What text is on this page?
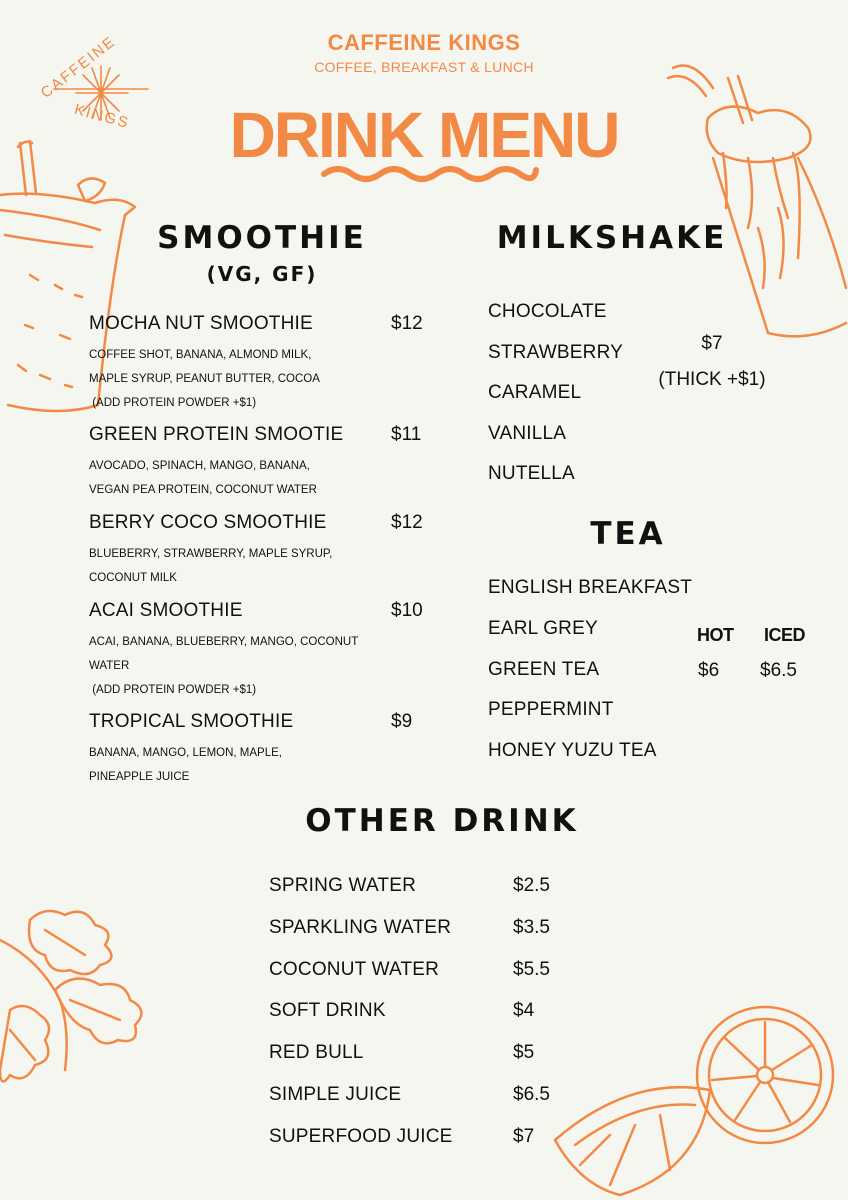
CAFFEINE
KINGS
CAFFEINE KINGS
COFFEE, BREAKFAST & LUNCH
DRINK MENU
SMOOTHIE
(VG, GF)
MOCHA NUT SMOOTHIE	$12
COFFEE SHOT, BANANA, ALMOND MILK,
MAPLE SYRUP, PEANUT BUTTER, COCOA
(ADD PROTEIN POWDER +$1)
GREEN PROTEIN SMOOTIE	$11
AVOCADO, SPINACH, MANGO, BANANA,
VEGAN PEA PROTEIN, COCONUT WATER
BERRY COCO SMOOTHIE	$12
BLUEBERRY, STRAWBERRY, MAPLE SYRUP,
COCONUT MILK
ACAI SMOOTHIE	$10
ACAI, BANANA, BLUEBERRY, MANGO, COCONUT
WATER
(ADD PROTEIN POWDER +$1)
TROPICAL SMOOTHIE	$9
BANANA, MANGO, LEMON, MAPLE,
PINEAPPLE JUICE
MILKSHAKE
CHOCOLATE
STRAWBERRY
CARAMEL
VANILLA
NUTELLA
$7
(THICK +$1)
TEA
ENGLISH BREAKFAST
EARL GREY
GREEN TEA
PEPPERMINT
HONEY YUZU TEA
HOT ICED
$6 $6.5
OTHER DRINK
SPRING WATER	$2.5
SPARKLING WATER	$3.5
COCONUT WATER	$5.5
SOFT DRINK	$4
RED BULL	$5
SIMPLE JUICE	$6.5
SUPERFOOD JUICE	$7
